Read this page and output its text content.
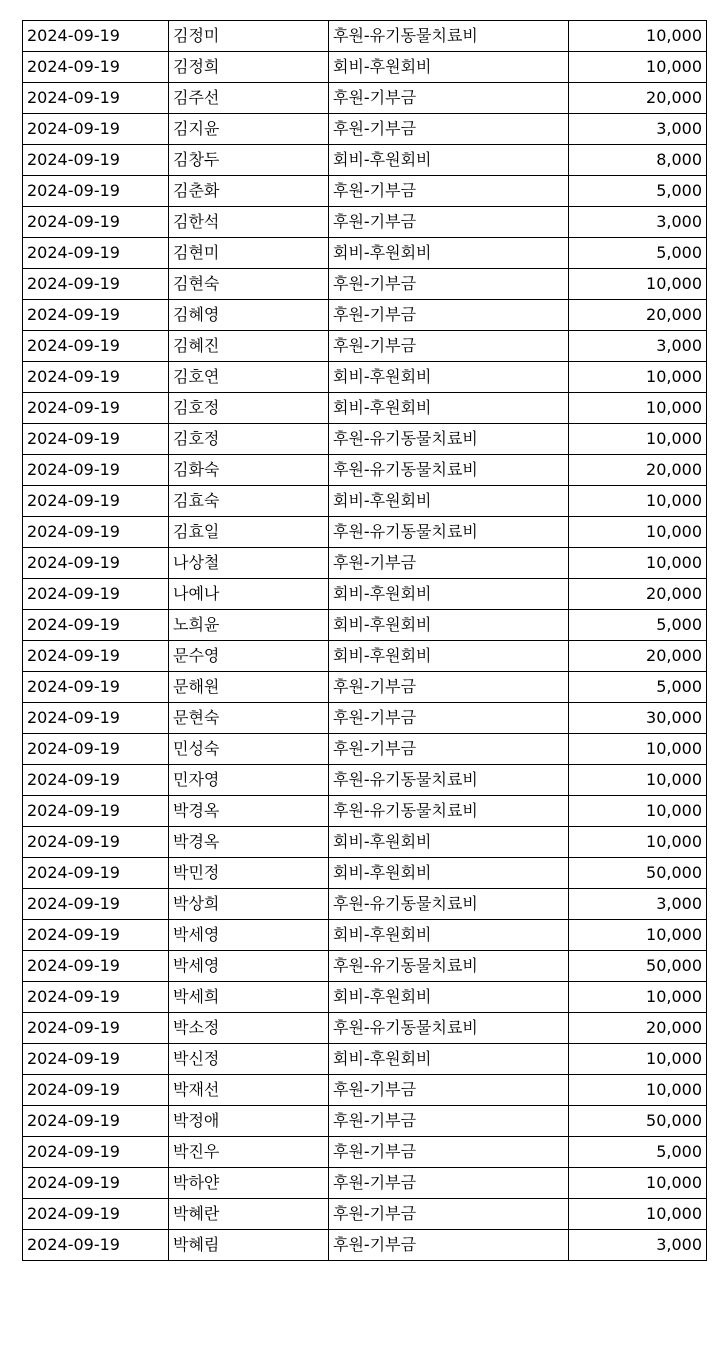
2024-09-19	김정미	후원-유기동물치료비	10,000
2024-09-19	김정희	회비-후원회비	10,000
2024-09-19	김주선	후원-기부금	20,000
2024-09-19	김지윤	후원-기부금	3,000
2024-09-19	김창두	회비-후원회비	8,000
2024-09-19	김춘화	후원-기부금	5,000
2024-09-19	김한석	후원-기부금	3,000
2024-09-19	김현미	회비-후원회비	5,000
2024-09-19	김현숙	후원-기부금	10,000
2024-09-19	김혜영	후원-기부금	20,000
2024-09-19	김혜진	후원-기부금	3,000
2024-09-19	김호연	회비-후원회비	10,000
2024-09-19	김호정	회비-후원회비	10,000
2024-09-19	김호정	후원-유기동물치료비	10,000
2024-09-19	김화숙	후원-유기동물치료비	20,000
2024-09-19	김효숙	회비-후원회비	10,000
2024-09-19	김효일	후원-유기동물치료비	10,000
2024-09-19	나상철	후원-기부금	10,000
2024-09-19	나예나	회비-후원회비	20,000
2024-09-19	노희윤	회비-후원회비	5,000
2024-09-19	문수영	회비-후원회비	20,000
2024-09-19	문해원	후원-기부금	5,000
2024-09-19	문현숙	후원-기부금	30,000
2024-09-19	민성숙	후원-기부금	10,000
2024-09-19	민자영	후원-유기동물치료비	10,000
2024-09-19	박경옥	후원-유기동물치료비	10,000
2024-09-19	박경옥	회비-후원회비	10,000
2024-09-19	박민정	회비-후원회비	50,000
2024-09-19	박상희	후원-유기동물치료비	3,000
2024-09-19	박세영	회비-후원회비	10,000
2024-09-19	박세영	후원-유기동물치료비	50,000
2024-09-19	박세희	회비-후원회비	10,000
2024-09-19	박소정	후원-유기동물치료비	20,000
2024-09-19	박신정	회비-후원회비	10,000
2024-09-19	박재선	후원-기부금	10,000
2024-09-19	박정애	후원-기부금	50,000
2024-09-19	박진우	후원-기부금	5,000
2024-09-19	박하얀	후원-기부금	10,000
2024-09-19	박혜란	후원-기부금	10,000
2024-09-19	박혜림	후원-기부금	3,000
